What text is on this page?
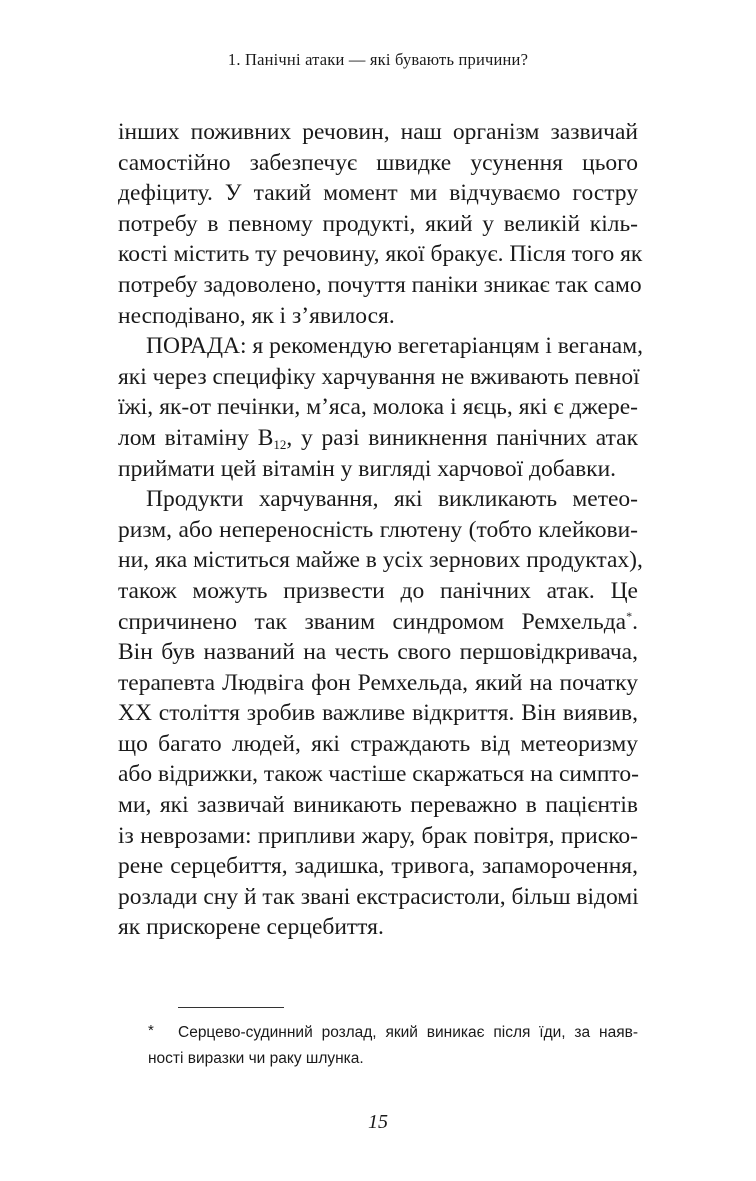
1. Панічні атаки — які бувають причини?
інших поживних речовин, наш організм зазвичай
самостійно забезпечує швидке усунення цього
дефіциту. У такий момент ми відчуваємо гостру
потребу в певному продукті, який у великій кіль-
кості містить ту речовину, якої бракує. Після того як
потребу задоволено, почуття паніки зникає так само
несподівано, як і з’явилося.
ПОРАДА: я рекомендую вегетаріанцям і веганам,
які через специфіку харчування не вживають певної
їжі, як-от печінки, м’яса, молока і яєць, які є джере-
лом вітаміну $В_{12}$, у разі виникнення панічних атак
приймати цей вітамін у вигляді харчової добавки.
Продукти харчування, які викликають метео-
ризм, або непереносність глютену (тобто клейкови-
ни, яка міститься майже в усіх зернових продуктах),
також можуть призвести до панічних атак. Це
спричинено так званим синдромом Ремхельда*.
Він був названий на честь свого першовідкривача,
терапевта Людвіга фон Ремхельда, який на початку
XX століття зробив важливе відкриття. Він виявив,
що багато людей, які страждають від метеоризму
або відрижки, також частіше скаржаться на симпто-
ми, які зазвичай виникають переважно в пацієнтів
із неврозами: припливи жару, брак повітря, приско-
рене серцебиття, задишка, тривога, запаморочення,
розлади сну й так звані екстрасистоли, більш відомі
як прискорене серцебиття.
* Серцево-судинний розлад, який виникає після їди, за наяв-
ності виразки чи раку шлунка.
15
